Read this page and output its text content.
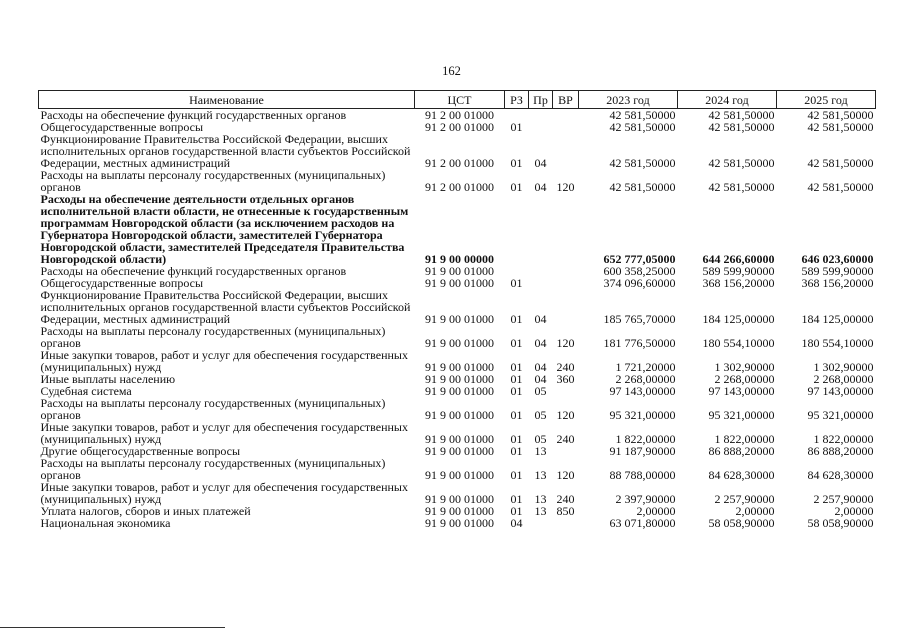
162
Наименование	ЦСТ	РЗ	Пр	ВР	2023 год	2024 год	2025 год
Расходы на обеспечение функций государственных органов	91 2 00 01000				42 581,50000	42 581,50000	42 581,50000
Общегосударственные вопросы	91 2 00 01000	01			42 581,50000	42 581,50000	42 581,50000
Функционирование Правительства Российской Федерации, высших исполнительных органов государственной власти субъектов Российской Федерации, местных администраций	91 2 00 01000	01	04		42 581,50000	42 581,50000	42 581,50000
Расходы на выплаты персоналу государственных (муниципальных) органов	91 2 00 01000	01	04	120	42 581,50000	42 581,50000	42 581,50000
Расходы на обеспечение деятельности отдельных органов исполнительной власти области, не отнесенные к государственным программам Новгородской области (за исключением расходов на Губернатора Новгородской области, заместителей Губернатора Новгородской области, заместителей Председателя Правительства Новгородской области)	91 9 00 00000				652 777,05000	644 266,60000	646 023,60000
Расходы на обеспечение функций государственных органов	91 9 00 01000				600 358,25000	589 599,90000	589 599,90000
Общегосударственные вопросы	91 9 00 01000	01			374 096,60000	368 156,20000	368 156,20000
Функционирование Правительства Российской Федерации, высших исполнительных органов государственной власти субъектов Российской Федерации, местных администраций	91 9 00 01000	01	04		185 765,70000	184 125,00000	184 125,00000
Расходы на выплаты персоналу государственных (муниципальных) органов	91 9 00 01000	01	04	120	181 776,50000	180 554,10000	180 554,10000
Иные закупки товаров, работ и услуг для обеспечения государственных (муниципальных) нужд	91 9 00 01000	01	04	240	1 721,20000	1 302,90000	1 302,90000
Иные выплаты населению	91 9 00 01000	01	04	360	2 268,00000	2 268,00000	2 268,00000
Судебная система	91 9 00 01000	01	05		97 143,00000	97 143,00000	97 143,00000
Расходы на выплаты персоналу государственных (муниципальных) органов	91 9 00 01000	01	05	120	95 321,00000	95 321,00000	95 321,00000
Иные закупки товаров, работ и услуг для обеспечения государственных (муниципальных) нужд	91 9 00 01000	01	05	240	1 822,00000	1 822,00000	1 822,00000
Другие общегосударственные вопросы	91 9 00 01000	01	13		91 187,90000	86 888,20000	86 888,20000
Расходы на выплаты персоналу государственных (муниципальных) органов	91 9 00 01000	01	13	120	88 788,00000	84 628,30000	84 628,30000
Иные закупки товаров, работ и услуг для обеспечения государственных (муниципальных) нужд	91 9 00 01000	01	13	240	2 397,90000	2 257,90000	2 257,90000
Уплата налогов, сборов и иных платежей	91 9 00 01000	01	13	850	2,00000	2,00000	2,00000
Национальная экономика	91 9 00 01000	04			63 071,80000	58 058,90000	58 058,90000
